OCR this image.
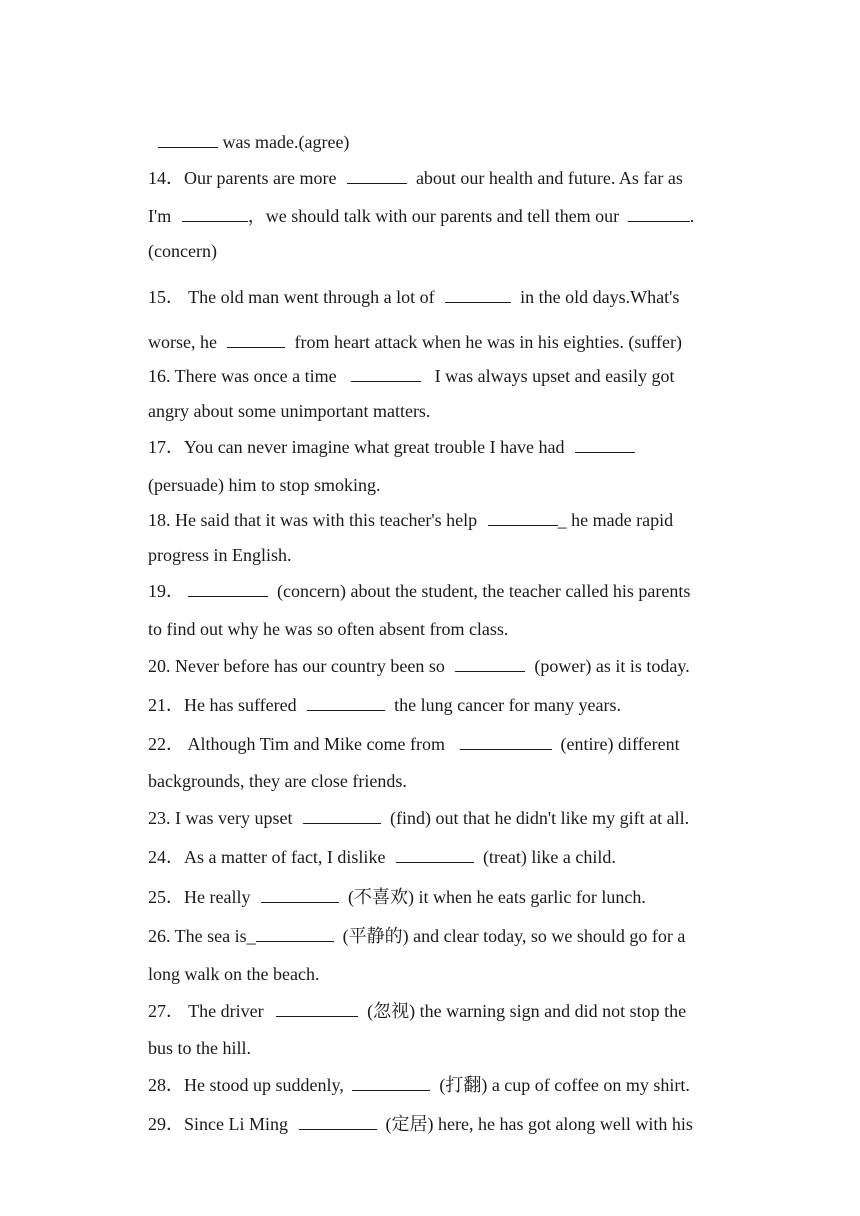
was made.(agree)

14．Our parents are more	about our health and future. As far as

I'm	，we should talk with our parents and tell them our	.

(concern)

15． The old man went through a lot of	in the old days.What's

worse, he	from heart attack when he was in his eighties. (suffer)

16. There was once a time	I was always upset and easily got

angry about some unimportant matters.

17．You can never imagine what great trouble I have had

(persuade) him to stop smoking.

18. He said that it was with this teacher's help	_ he made rapid

progress in English.

19．	(concern) about the student, the teacher called his parents

to find out why he was so often absent from class.

20. Never before has our country been so	(power) as it is today.

21．He has suffered	the lung cancer for many years.

22． Although Tim and Mike come from	(entire) different

backgrounds, they are close friends.

23. I was very upset	(find) out that he didn't like my gift at all.

24．As a matter of fact, I dislike	(treat) like a child.

25．He really	(不喜欢) it when he eats garlic for lunch.

26. The sea is_	(平静的) and clear today, so we should go for a

long walk on the beach.

27． The driver	(忽视) the warning sign and did not stop the

bus to the hill.

28．He stood up suddenly,	(打翻) a cup of coffee on my shirt.

29．Since Li Ming	(定居) here, he has got along well with his
